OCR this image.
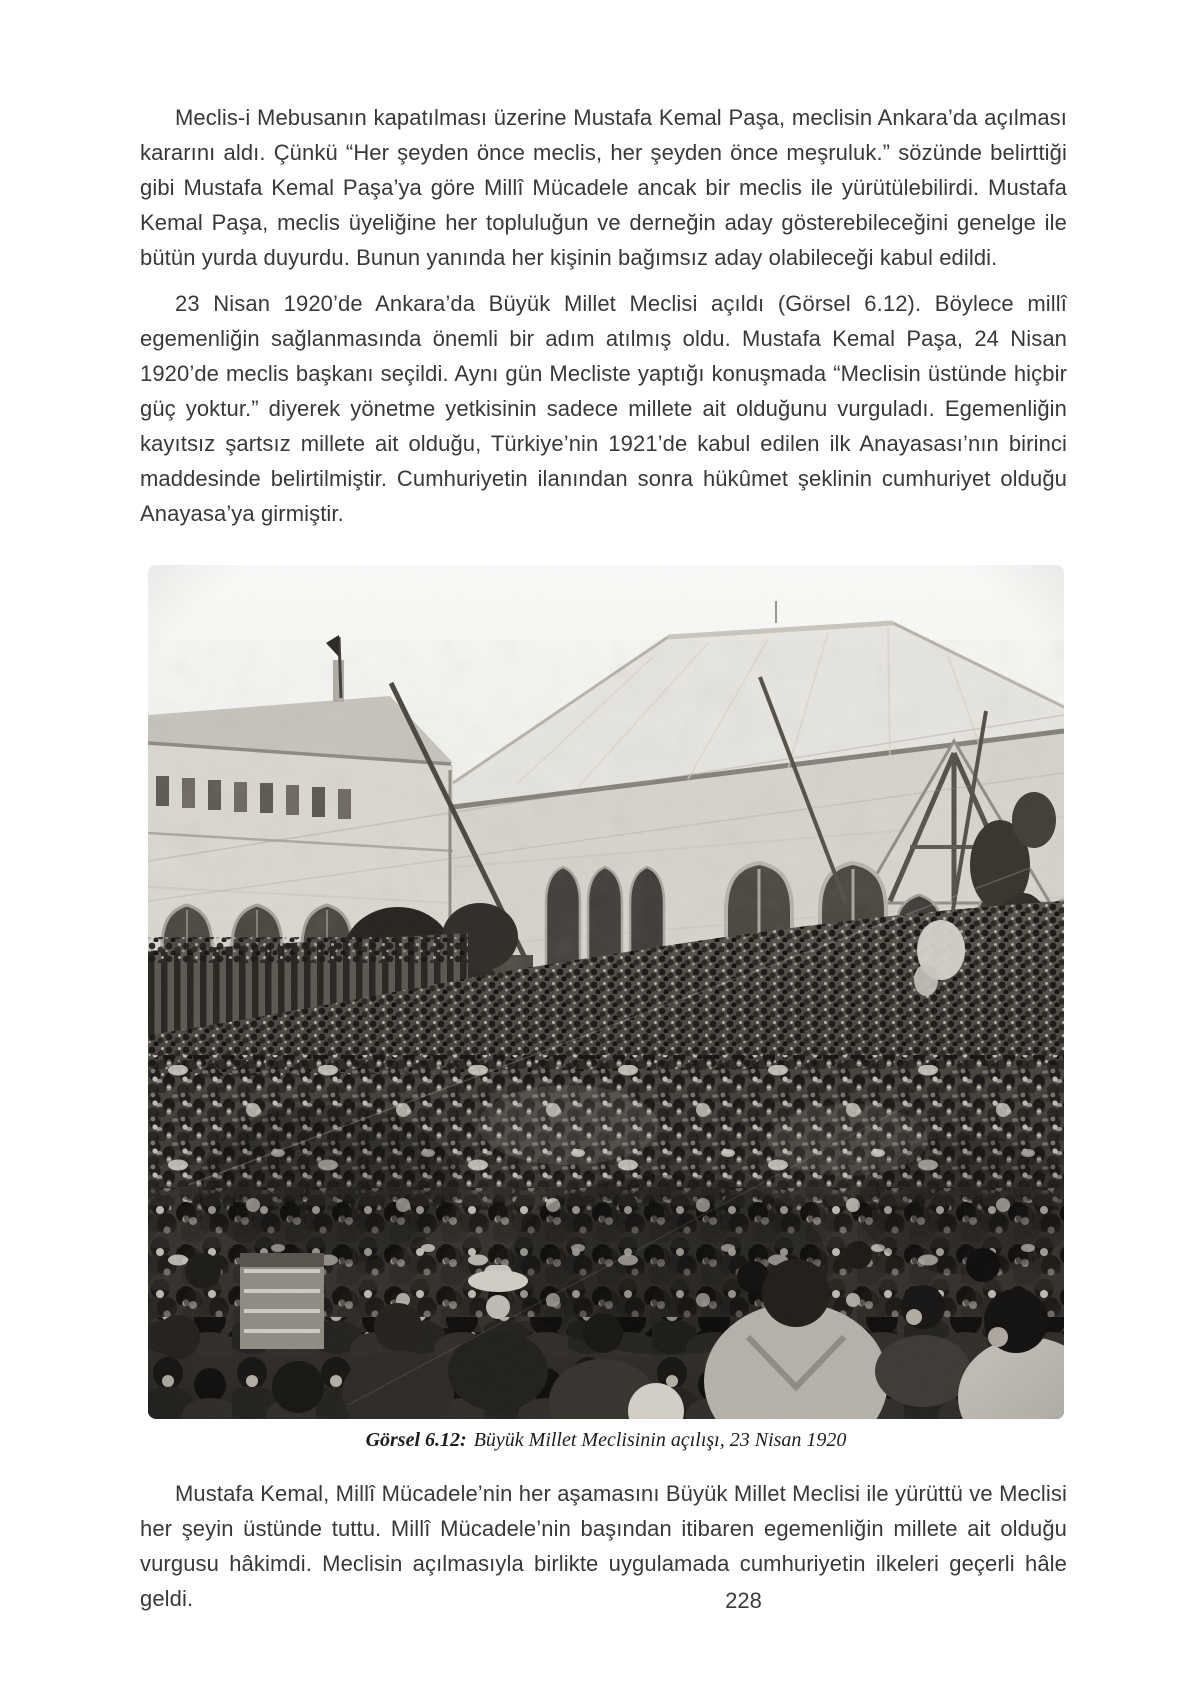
Meclis-i Mebusanın kapatılması üzerine Mustafa Kemal Paşa, meclisin Ankara’da açılması kararını aldı. Çünkü “Her şeyden önce meclis, her şeyden önce meşruluk.” sözünde belirttiği gibi Mustafa Kemal Paşa’ya göre Millî Mücadele ancak bir meclis ile yürütülebilirdi. Mustafa Kemal Paşa, meclis üyeliğine her topluluğun ve derneğin aday gösterebileceğini genelge ile bütün yurda duyurdu. Bunun yanında her kişinin bağımsız aday olabileceği kabul edildi.

23 Nisan 1920’de Ankara’da Büyük Millet Meclisi açıldı (Görsel 6.12). Böylece millî egemenliğin sağlanmasında önemli bir adım atılmış oldu. Mustafa Kemal Paşa, 24 Nisan 1920’de meclis başkanı seçildi. Aynı gün Mecliste yaptığı konuşmada “Meclisin üstünde hiçbir güç yoktur.” diyerek yönetme yetkisinin sadece millete ait olduğunu vurguladı. Egemenliğin kayıtsız şartsız millete ait olduğu, Türkiye’nin 1921’de kabul edilen ilk Anayasası’nın birinci maddesinde belirtilmiştir. Cumhuriyetin ilanından sonra hükûmet şeklinin cumhuriyet olduğu Anayasa’ya girmiştir.

Görsel 6.12: Büyük Millet Meclisinin açılışı, 23 Nisan 1920

Mustafa Kemal, Millî Mücadele’nin her aşamasını Büyük Millet Meclisi ile yürüttü ve Meclisi her şeyin üstünde tuttu. Millî Mücadele’nin başından itibaren egemenliğin millete ait olduğu vurgusu hâkimdi. Meclisin açılmasıyla birlikte uygulamada cumhuriyetin ilkeleri geçerli hâle geldi.	228
